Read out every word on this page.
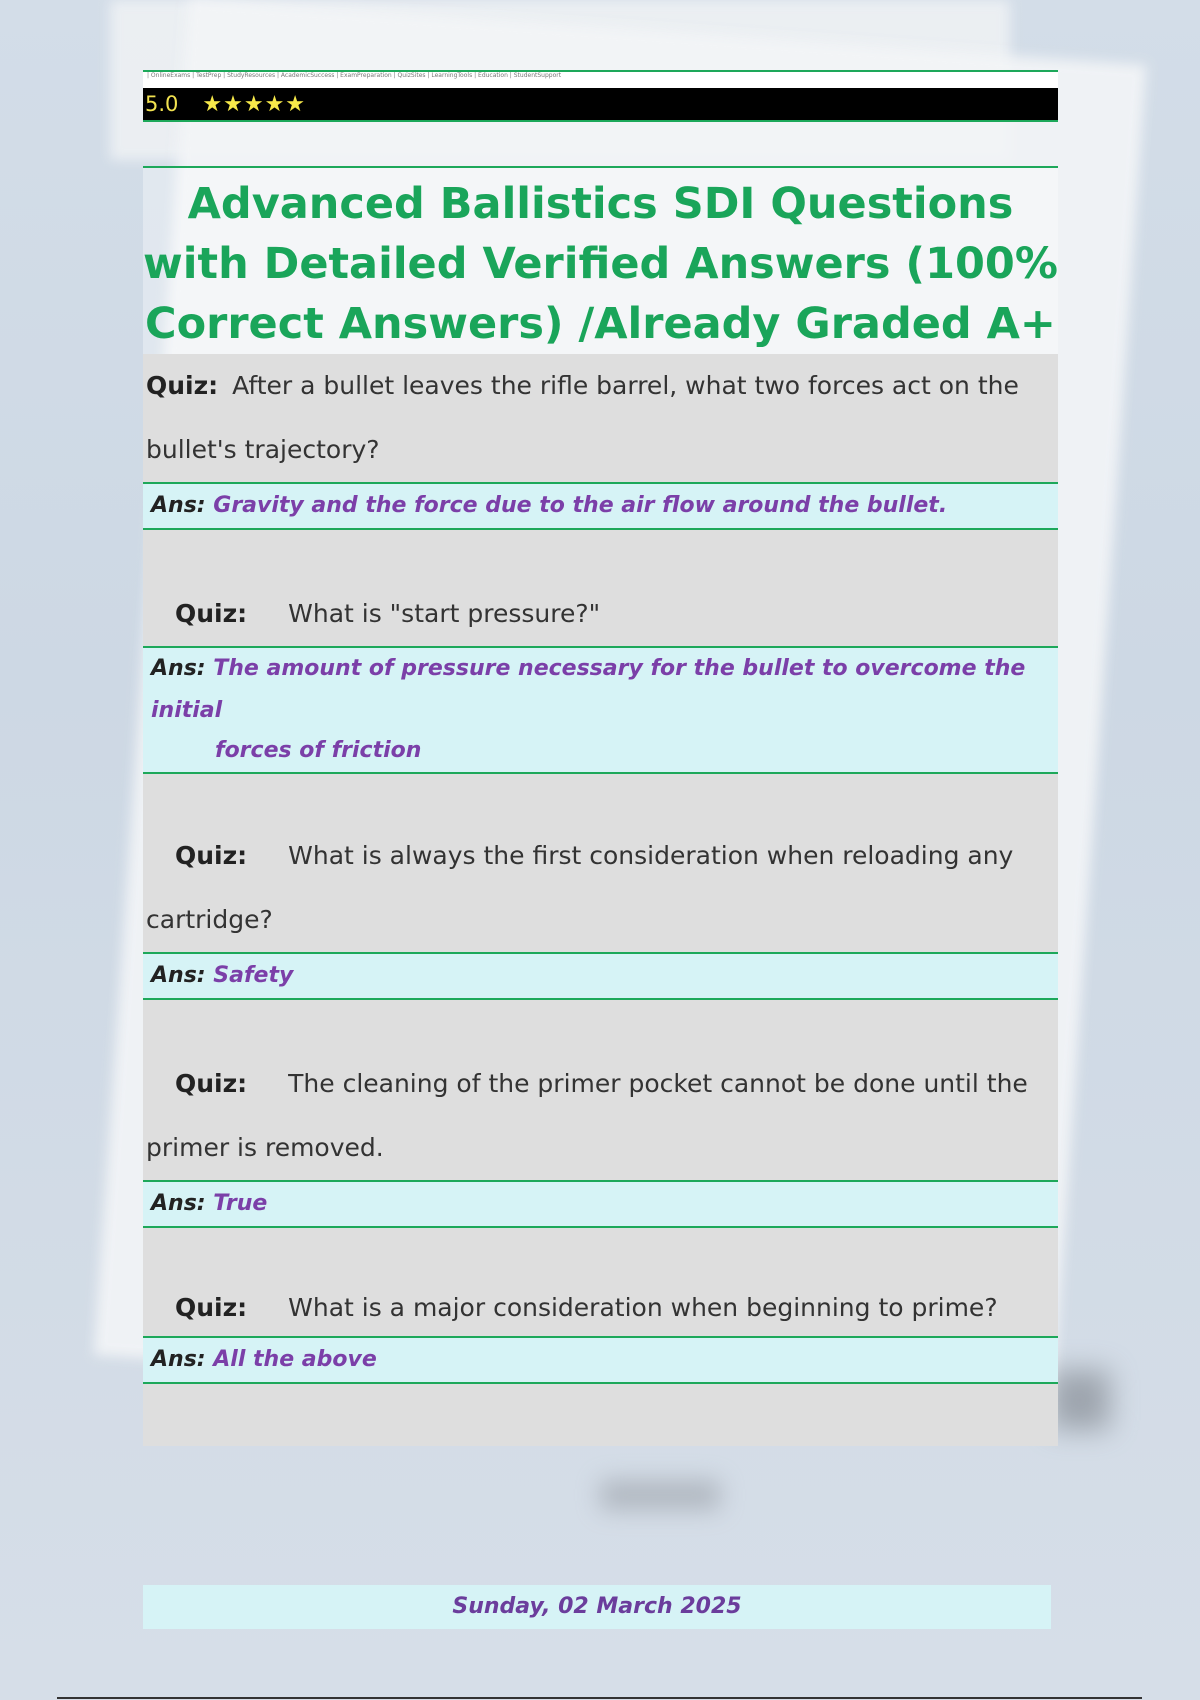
| OnlineExams | TestPrep | StudyResources | AcademicSuccess | ExamPreparation | QuizSites | LearningTools | Education | StudentSupport
5.0 ★★★★★
Advanced Ballistics SDI Questions with Detailed Verified Answers (100% Correct Answers) /Already Graded A+
Quiz: After a bullet leaves the rifle barrel, what two forces act on the bullet's trajectory?
Ans: Gravity and the force due to the air flow around the bullet.
Quiz: What is "start pressure?"
Ans: The amount of pressure necessary for the bullet to overcome the initial
forces of friction
Quiz: What is always the first consideration when reloading any cartridge?
Ans: Safety
Quiz: The cleaning of the primer pocket cannot be done until the primer is removed.
Ans: True
Quiz: What is a major consideration when beginning to prime?
Ans: All the above
Sunday, 02 March 2025
